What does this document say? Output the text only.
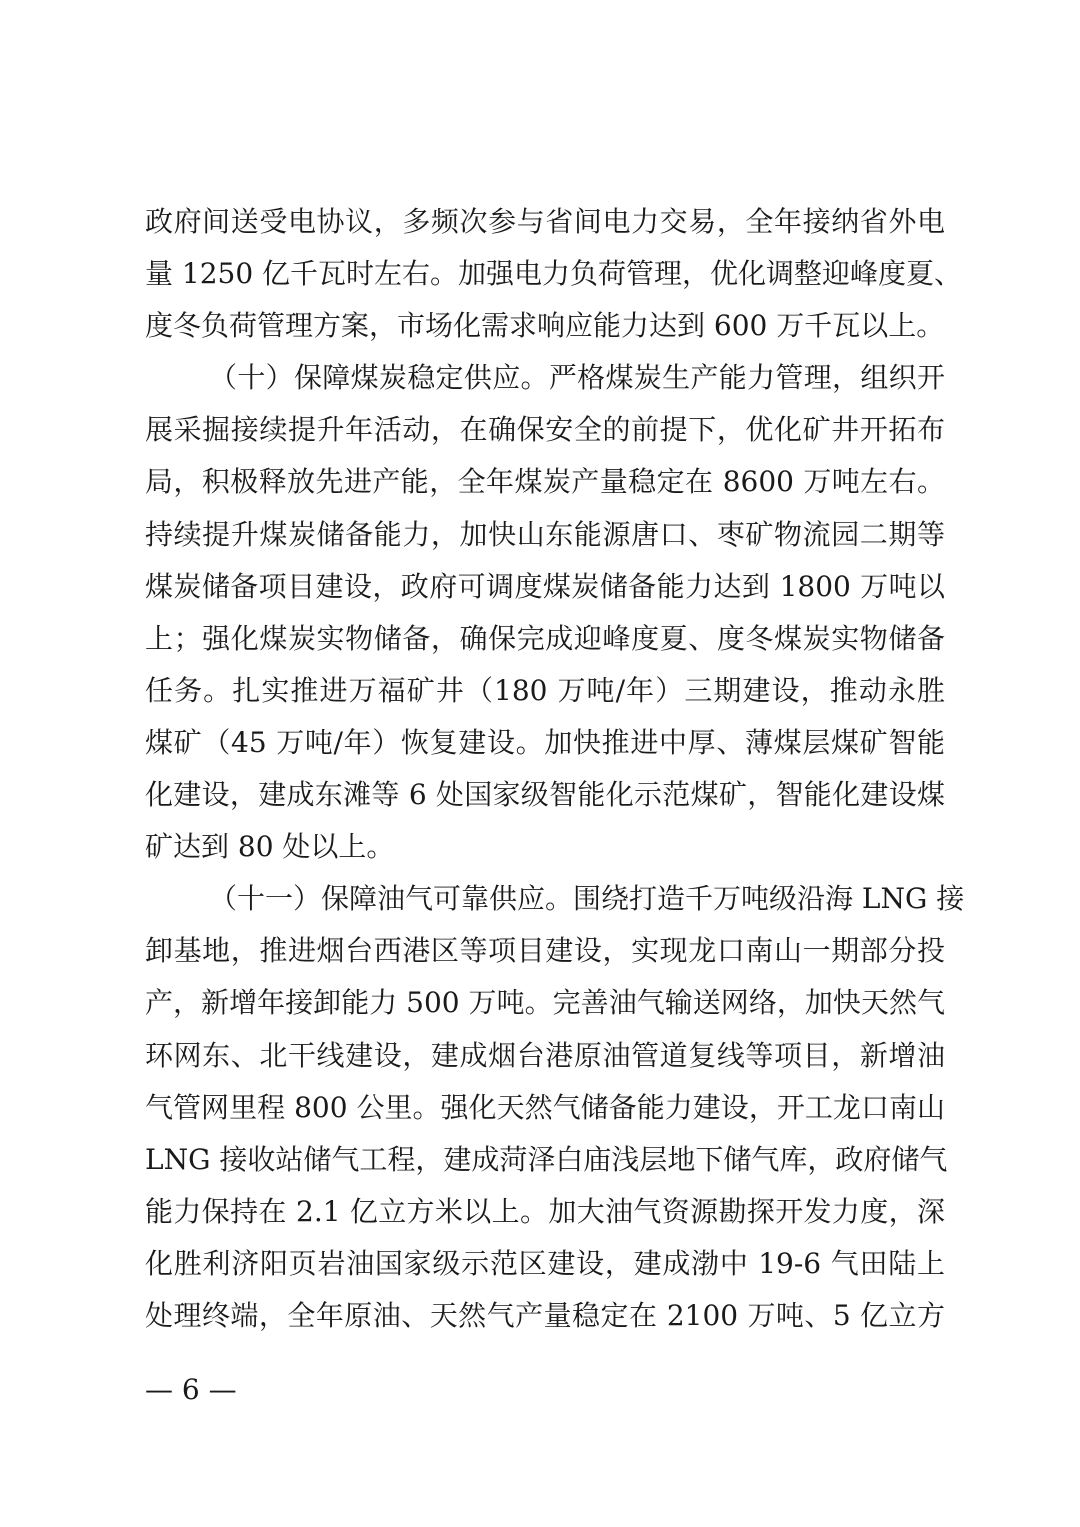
政府间送受电协议，多频次参与省间电力交易，全年接纳省外电
量 1250 亿千瓦时左右。加强电力负荷管理，优化调整迎峰度夏、
度冬负荷管理方案，市场化需求响应能力达到 600 万千瓦以上。
（十）保障煤炭稳定供应。严格煤炭生产能力管理，组织开
展采掘接续提升年活动，在确保安全的前提下，优化矿井开拓布
局，积极释放先进产能，全年煤炭产量稳定在 8600 万吨左右。
持续提升煤炭储备能力，加快山东能源唐口、枣矿物流园二期等
煤炭储备项目建设，政府可调度煤炭储备能力达到 1800 万吨以
上；强化煤炭实物储备，确保完成迎峰度夏、度冬煤炭实物储备
任务。扎实推进万福矿井（180 万吨/年）三期建设，推动永胜
煤矿（45 万吨/年）恢复建设。加快推进中厚、薄煤层煤矿智能
化建设，建成东滩等 6 处国家级智能化示范煤矿，智能化建设煤
矿达到 80 处以上。
（十一）保障油气可靠供应。围绕打造千万吨级沿海 LNG 接
卸基地，推进烟台西港区等项目建设，实现龙口南山一期部分投
产，新增年接卸能力 500 万吨。完善油气输送网络，加快天然气
环网东、北干线建设，建成烟台港原油管道复线等项目，新增油
气管网里程 800 公里。强化天然气储备能力建设，开工龙口南山
LNG 接收站储气工程，建成菏泽白庙浅层地下储气库，政府储气
能力保持在 2.1 亿立方米以上。加大油气资源勘探开发力度，深
化胜利济阳页岩油国家级示范区建设，建成渤中 19-6 气田陆上
处理终端，全年原油、天然气产量稳定在 2100 万吨、5 亿立方
— 6 —
